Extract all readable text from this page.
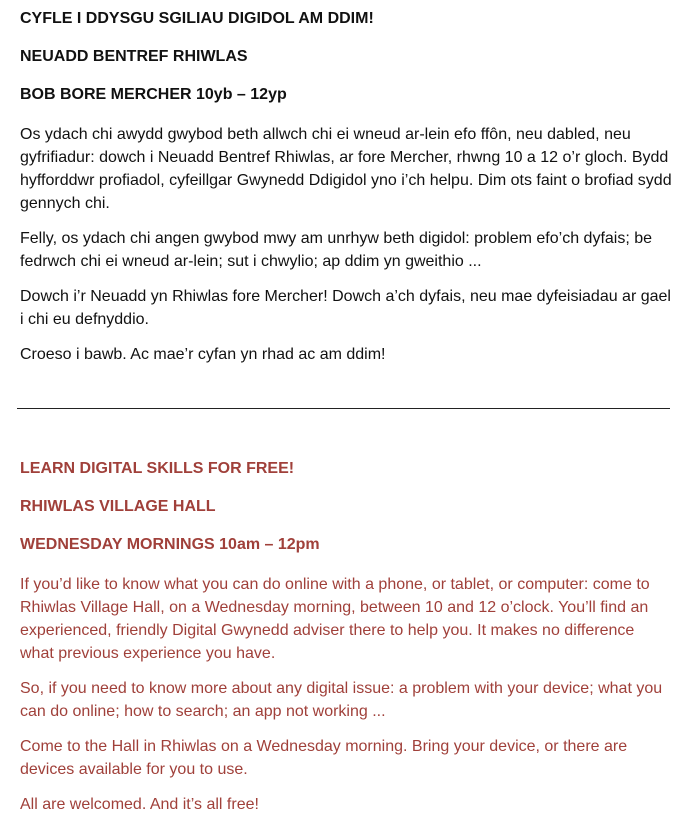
CYFLE I DDYSGU SGILIAU DIGIDOL AM DDIM!
NEUADD BENTREF RHIWLAS
BOB BORE MERCHER 10yb – 12yp

Os ydach chi awydd gwybod beth allwch chi ei wneud ar-lein efo ffôn, neu dabled, neu gyfrifiadur: dowch i Neuadd Bentref Rhiwlas, ar fore Mercher, rhwng 10 a 12 o’r gloch. Bydd hyfforddwr profiadol, cyfeillgar Gwynedd Ddigidol yno i’ch helpu. Dim ots faint o brofiad sydd gennych chi.

Felly, os ydach chi angen gwybod mwy am unrhyw beth digidol: problem efo’ch dyfais; be fedrwch chi ei wneud ar-lein; sut i chwylio; ap ddim yn gweithio ...

Dowch i’r Neuadd yn Rhiwlas fore Mercher! Dowch a’ch dyfais, neu mae dyfeisiadau ar gael i chi eu defnyddio.

Croeso i bawb. Ac mae’r cyfan yn rhad ac am ddim!

LEARN DIGITAL SKILLS FOR FREE!
RHIWLAS VILLAGE HALL
WEDNESDAY MORNINGS 10am – 12pm

If you’d like to know what you can do online with a phone, or tablet, or computer: come to Rhiwlas Village Hall, on a Wednesday morning, between 10 and 12 o’clock. You’ll find an experienced, friendly Digital Gwynedd adviser there to help you. It makes no difference what previous experience you have.

So, if you need to know more about any digital issue: a problem with your device; what you can do online; how to search; an app not working ...

Come to the Hall in Rhiwlas on a Wednesday morning. Bring your device, or there are devices available for you to use.

All are welcomed. And it’s all free!
